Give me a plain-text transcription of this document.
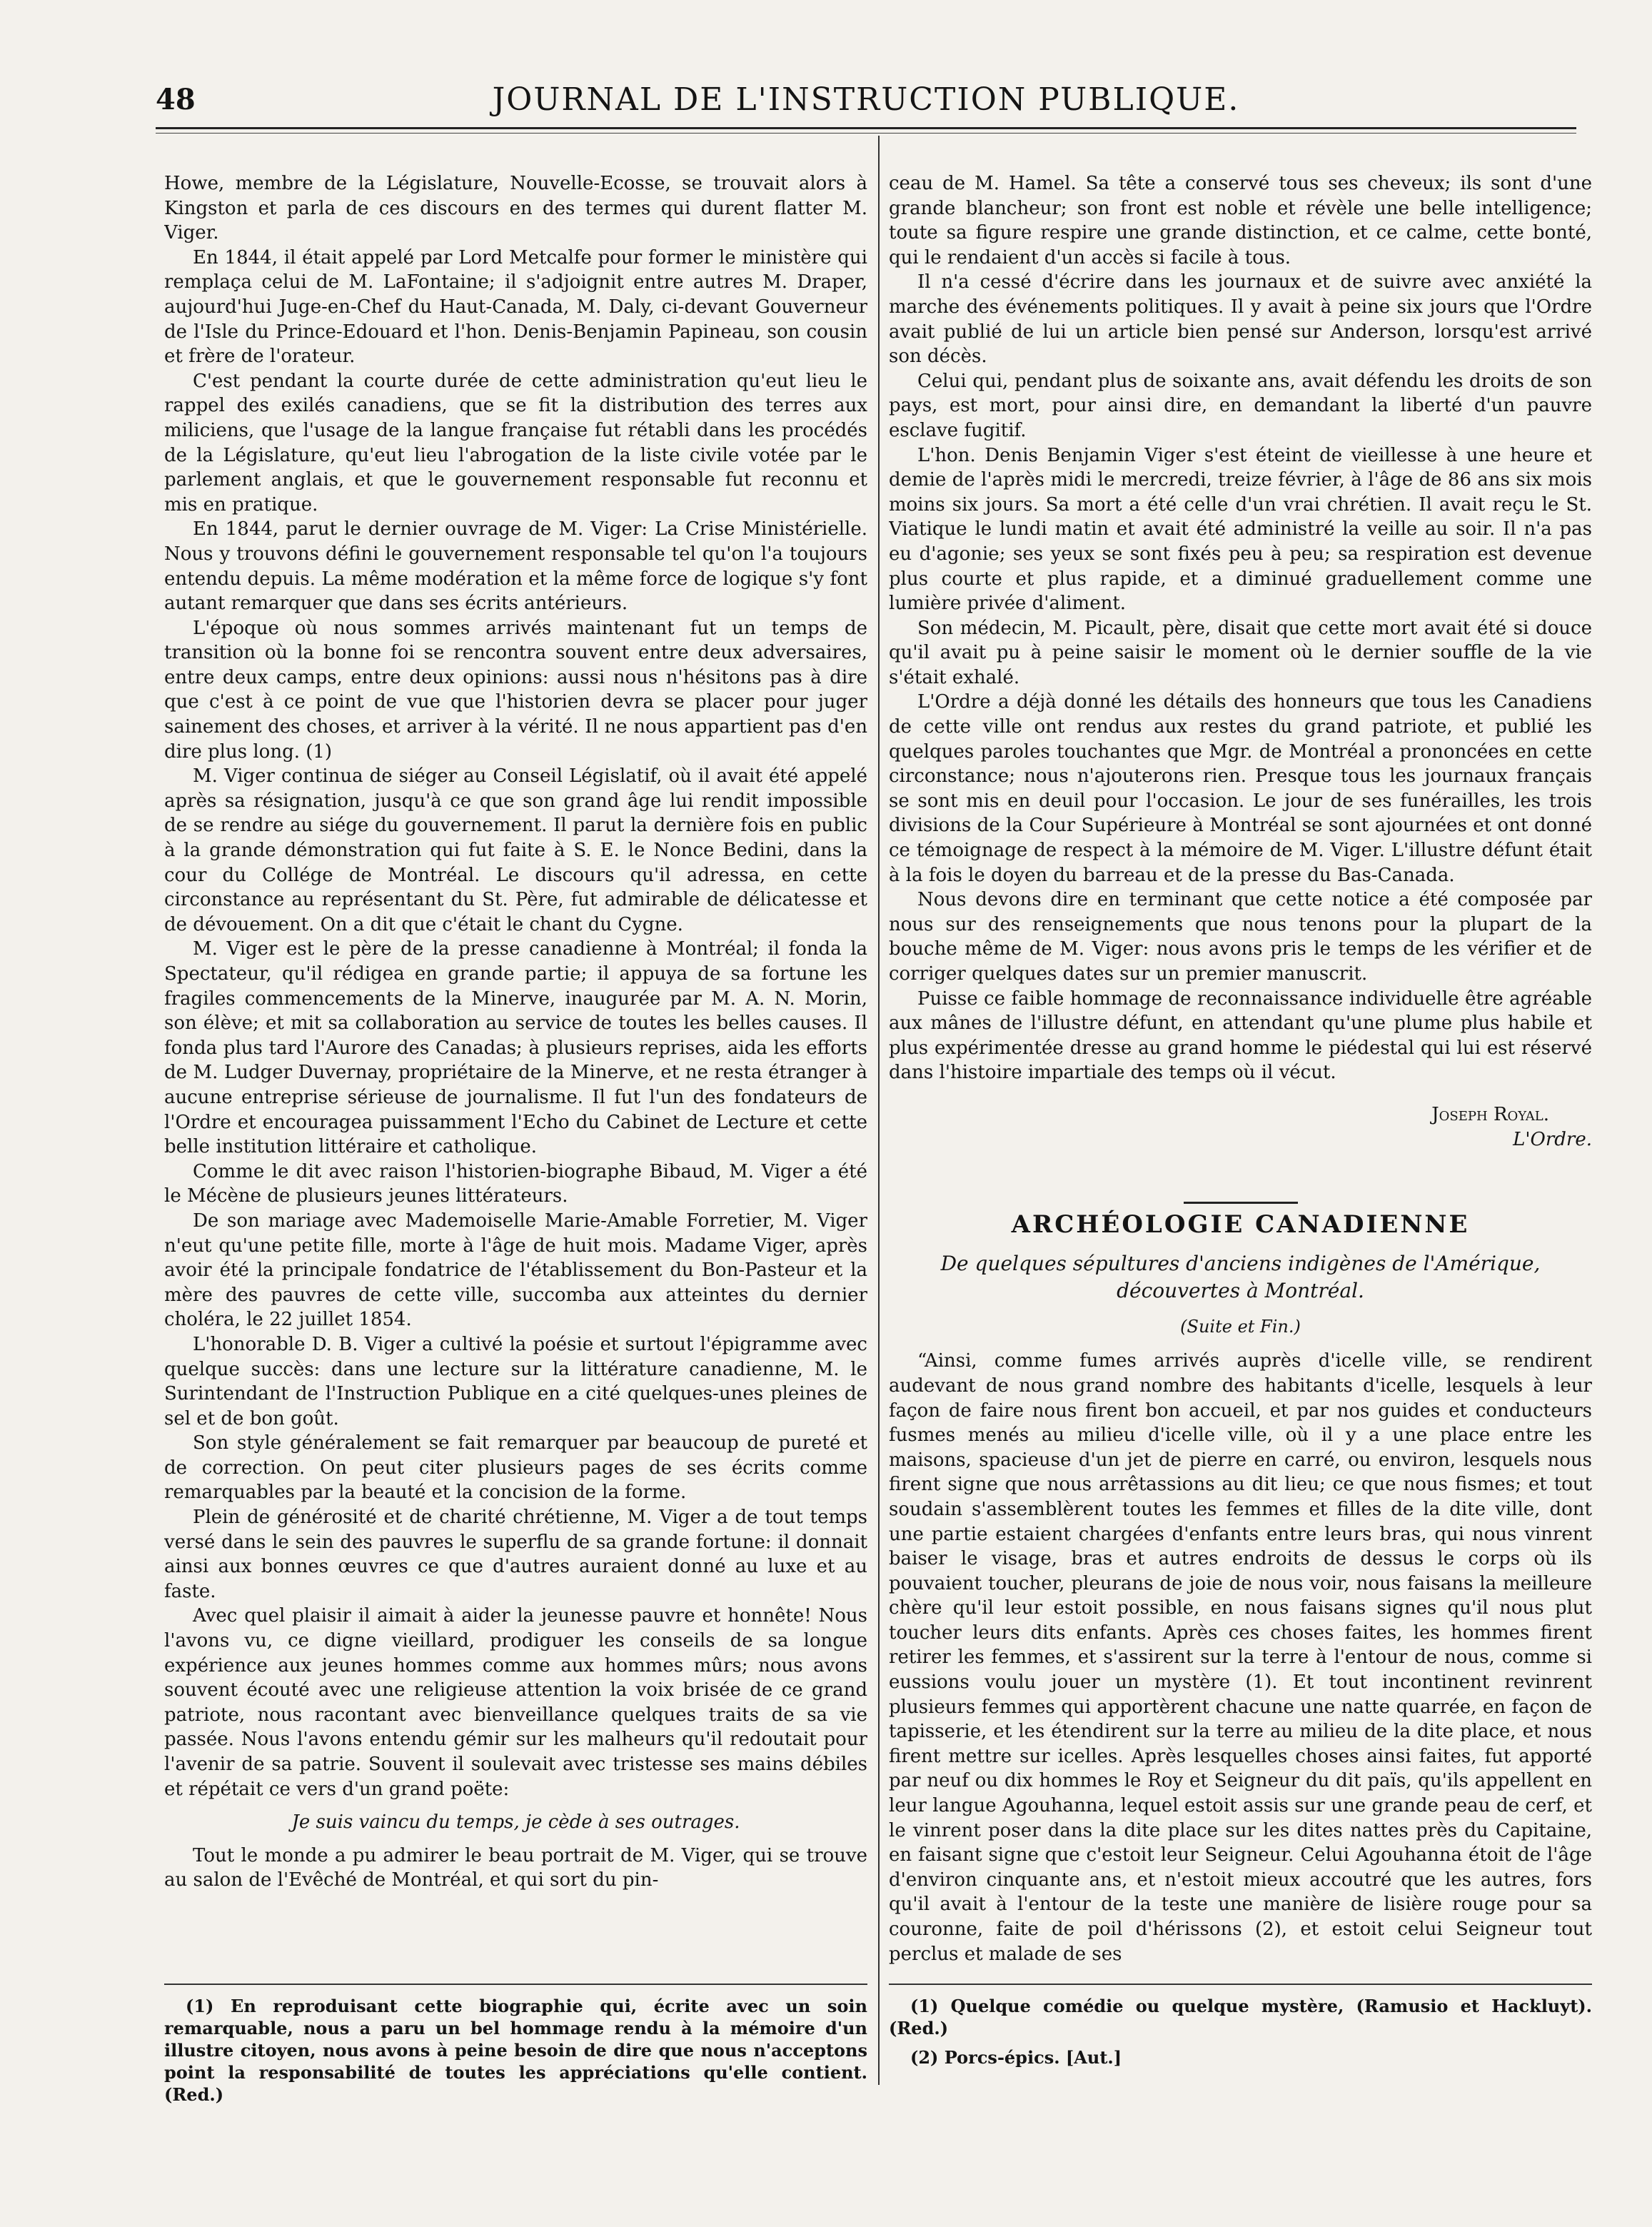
48	JOURNAL DE L'INSTRUCTION PUBLIQUE.

Howe, membre de la Législature, Nouvelle-Ecosse, se trouvait alors à Kingston et parla de ces discours en des termes qui durent flatter M. Viger.

En 1844, il était appelé par Lord Metcalfe pour former le ministère qui remplaça celui de M. LaFontaine; il s'adjoignit entre autres M. Draper, aujourd'hui Juge-en-Chef du Haut-Canada, M. Daly, ci-devant Gouverneur de l'Isle du Prince-Edouard et l'hon. Denis-Benjamin Papineau, son cousin et frère de l'orateur.

C'est pendant la courte durée de cette administration qu'eut lieu le rappel des exilés canadiens, que se fit la distribution des terres aux miliciens, que l'usage de la langue française fut rétabli dans les procédés de la Législature, qu'eut lieu l'abrogation de la liste civile votée par le parlement anglais, et que le gouvernement responsable fut reconnu et mis en pratique.

En 1844, parut le dernier ouvrage de M. Viger: La Crise Ministérielle. Nous y trouvons défini le gouvernement responsable tel qu'on l'a toujours entendu depuis. La même modération et la même force de logique s'y font autant remarquer que dans ses écrits antérieurs.

L'époque où nous sommes arrivés maintenant fut un temps de transition où la bonne foi se rencontra souvent entre deux adversaires, entre deux camps, entre deux opinions: aussi nous n'hésitons pas à dire que c'est à ce point de vue que l'historien devra se placer pour juger sainement des choses, et arriver à la vérité. Il ne nous appartient pas d'en dire plus long. (1)

M. Viger continua de siéger au Conseil Législatif, où il avait été appelé après sa résignation, jusqu'à ce que son grand âge lui rendit impossible de se rendre au siége du gouvernement. Il parut la dernière fois en public à la grande démonstration qui fut faite à S. E. le Nonce Bedini, dans la cour du Collége de Montréal. Le discours qu'il adressa, en cette circonstance au représentant du St. Père, fut admirable de délicatesse et de dévouement. On a dit que c'était le chant du Cygne.

M. Viger est le père de la presse canadienne à Montréal; il fonda la Spectateur, qu'il rédigea en grande partie; il appuya de sa fortune les fragiles commencements de la Minerve, inaugurée par M. A. N. Morin, son élève; et mit sa collaboration au service de toutes les belles causes. Il fonda plus tard l'Aurore des Canadas; à plusieurs reprises, aida les efforts de M. Ludger Duvernay, propriétaire de la Minerve, et ne resta étranger à aucune entreprise sérieuse de journalisme. Il fut l'un des fondateurs de l'Ordre et encouragea puissamment l'Echo du Cabinet de Lecture et cette belle institution littéraire et catholique.

Comme le dit avec raison l'historien-biographe Bibaud, M. Viger a été le Mécène de plusieurs jeunes littérateurs.

De son mariage avec Mademoiselle Marie-Amable Forretier, M. Viger n'eut qu'une petite fille, morte à l'âge de huit mois. Madame Viger, après avoir été la principale fondatrice de l'établissement du Bon-Pasteur et la mère des pauvres de cette ville, succomba aux atteintes du dernier choléra, le 22 juillet 1854.

L'honorable D. B. Viger a cultivé la poésie et surtout l'épigramme avec quelque succès: dans une lecture sur la littérature canadienne, M. le Surintendant de l'Instruction Publique en a cité quelques-unes pleines de sel et de bon goût.

Son style généralement se fait remarquer par beaucoup de pureté et de correction. On peut citer plusieurs pages de ses écrits comme remarquables par la beauté et la concision de la forme.

Plein de générosité et de charité chrétienne, M. Viger a de tout temps versé dans le sein des pauvres le superflu de sa grande fortune: il donnait ainsi aux bonnes œuvres ce que d'autres auraient donné au luxe et au faste.

Avec quel plaisir il aimait à aider la jeunesse pauvre et honnête! Nous l'avons vu, ce digne vieillard, prodiguer les conseils de sa longue expérience aux jeunes hommes comme aux hommes mûrs; nous avons souvent écouté avec une religieuse attention la voix brisée de ce grand patriote, nous racontant avec bienveillance quelques traits de sa vie passée. Nous l'avons entendu gémir sur les malheurs qu'il redoutait pour l'avenir de sa patrie. Souvent il soulevait avec tristesse ses mains débiles et répétait ce vers d'un grand poëte:

Je suis vaincu du temps, je cède à ses outrages.

Tout le monde a pu admirer le beau portrait de M. Viger, qui se trouve au salon de l'Evêché de Montréal, et qui sort du pin-

(1) En reproduisant cette biographie qui, écrite avec un soin remarquable, nous a paru un bel hommage rendu à la mémoire d'un illustre citoyen, nous avons à peine besoin de dire que nous n'acceptons point la responsabilité de toutes les appréciations qu'elle contient. (Red.)

ceau de M. Hamel. Sa tête a conservé tous ses cheveux; ils sont d'une grande blancheur; son front est noble et révèle une belle intelligence; toute sa figure respire une grande distinction, et ce calme, cette bonté, qui le rendaient d'un accès si facile à tous.

Il n'a cessé d'écrire dans les journaux et de suivre avec anxiété la marche des événements politiques. Il y avait à peine six jours que l'Ordre avait publié de lui un article bien pensé sur Anderson, lorsqu'est arrivé son décès.

Celui qui, pendant plus de soixante ans, avait défendu les droits de son pays, est mort, pour ainsi dire, en demandant la liberté d'un pauvre esclave fugitif.

L'hon. Denis Benjamin Viger s'est éteint de vieillesse à une heure et demie de l'après midi le mercredi, treize février, à l'âge de 86 ans six mois moins six jours. Sa mort a été celle d'un vrai chrétien. Il avait reçu le St. Viatique le lundi matin et avait été administré la veille au soir. Il n'a pas eu d'agonie; ses yeux se sont fixés peu à peu; sa respiration est devenue plus courte et plus rapide, et a diminué graduellement comme une lumière privée d'aliment.

Son médecin, M. Picault, père, disait que cette mort avait été si douce qu'il avait pu à peine saisir le moment où le dernier souffle de la vie s'était exhalé.

L'Ordre a déjà donné les détails des honneurs que tous les Canadiens de cette ville ont rendus aux restes du grand patriote, et publié les quelques paroles touchantes que Mgr. de Montréal a prononcées en cette circonstance; nous n'ajouterons rien. Presque tous les journaux français se sont mis en deuil pour l'occasion. Le jour de ses funérailles, les trois divisions de la Cour Supérieure à Montréal se sont ajournées et ont donné ce témoignage de respect à la mémoire de M. Viger. L'illustre défunt était à la fois le doyen du barreau et de la presse du Bas-Canada.

Nous devons dire en terminant que cette notice a été composée par nous sur des renseignements que nous tenons pour la plupart de la bouche même de M. Viger: nous avons pris le temps de les vérifier et de corriger quelques dates sur un premier manuscrit.

Puisse ce faible hommage de reconnaissance individuelle être agréable aux mânes de l'illustre défunt, en attendant qu'une plume plus habile et plus expérimentée dresse au grand homme le piédestal qui lui est réservé dans l'histoire impartiale des temps où il vécut.

Joseph Royal.
L'Ordre.

ARCHÉOLOGIE CANADIENNE

De quelques sépultures d'anciens indigènes de l'Amérique, découvertes à Montréal.

(Suite et Fin.)

“Ainsi, comme fumes arrivés auprès d'icelle ville, se rendirent audevant de nous grand nombre des habitants d'icelle, lesquels à leur façon de faire nous firent bon accueil, et par nos guides et conducteurs fusmes menés au milieu d'icelle ville, où il y a une place entre les maisons, spacieuse d'un jet de pierre en carré, ou environ, lesquels nous firent signe que nous arrêtassions au dit lieu; ce que nous fismes; et tout soudain s'assemblèrent toutes les femmes et filles de la dite ville, dont une partie estaient chargées d'enfants entre leurs bras, qui nous vinrent baiser le visage, bras et autres endroits de dessus le corps où ils pouvaient toucher, pleurans de joie de nous voir, nous faisans la meilleure chère qu'il leur estoit possible, en nous faisans signes qu'il nous plut toucher leurs dits enfants. Après ces choses faites, les hommes firent retirer les femmes, et s'assirent sur la terre à l'entour de nous, comme si eussions voulu jouer un mystère (1). Et tout incontinent revinrent plusieurs femmes qui apportèrent chacune une natte quarrée, en façon de tapisserie, et les étendirent sur la terre au milieu de la dite place, et nous firent mettre sur icelles. Après lesquelles choses ainsi faites, fut apporté par neuf ou dix hommes le Roy et Seigneur du dit païs, qu'ils appellent en leur langue Agouhanna, lequel estoit assis sur une grande peau de cerf, et le vinrent poser dans la dite place sur les dites nattes près du Capitaine, en faisant signe que c'estoit leur Seigneur. Celui Agouhanna étoit de l'âge d'environ cinquante ans, et n'estoit mieux accoutré que les autres, fors qu'il avait à l'entour de la teste une manière de lisière rouge pour sa couronne, faite de poil d'hérissons (2), et estoit celui Seigneur tout perclus et malade de ses

(1) Quelque comédie ou quelque mystère, (Ramusio et Hackluyt). (Red.)

(2) Porcs-épics. [Aut.]
